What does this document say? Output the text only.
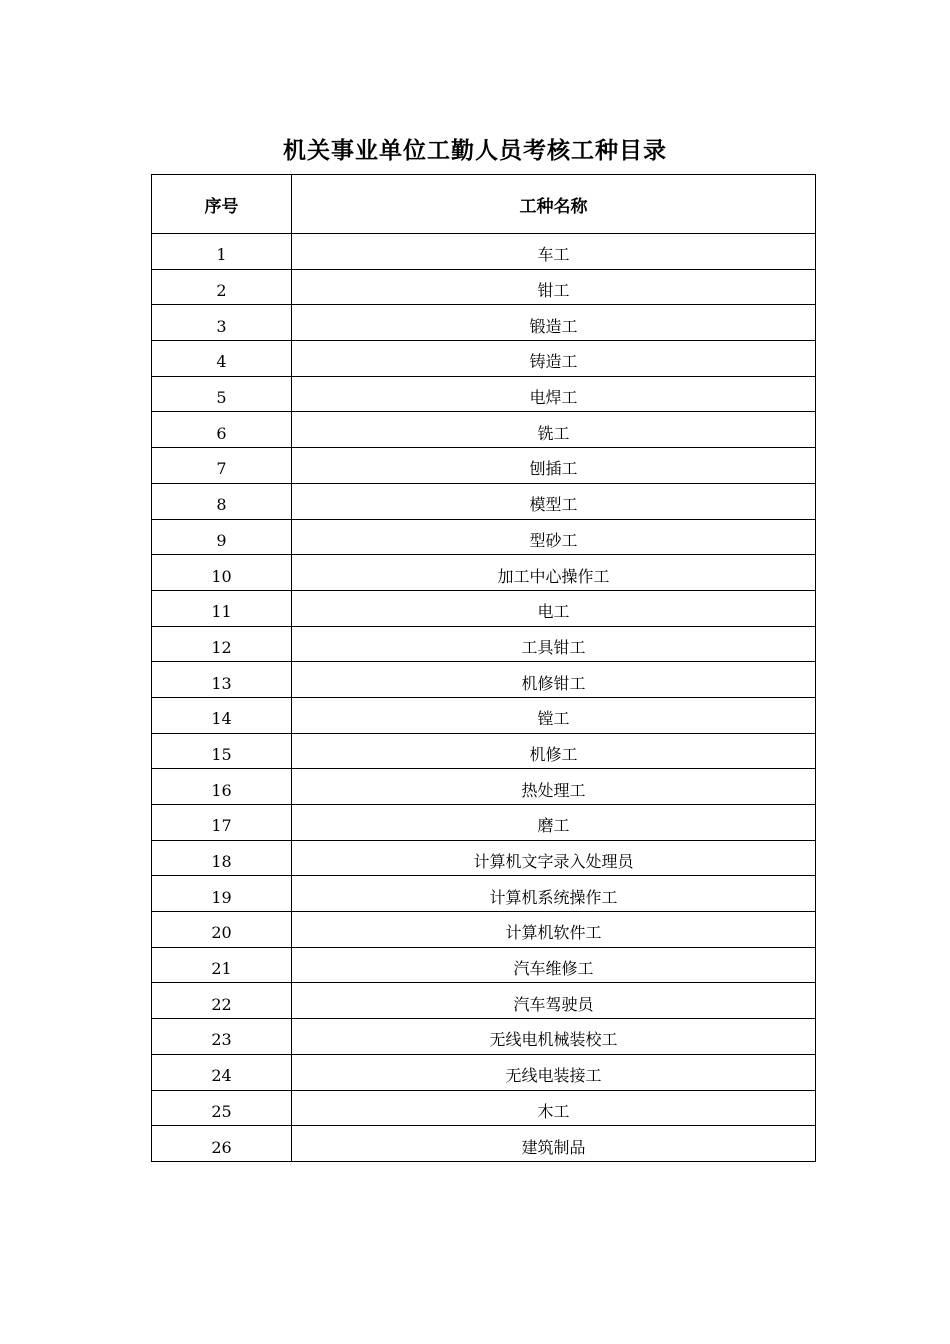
机关事业单位工勤人员考核工种目录
序号	工种名称
1	车工
2	钳工
3	锻造工
4	铸造工
5	电焊工
6	铣工
7	刨插工
8	模型工
9	型砂工
10	加工中心操作工
11	电工
12	工具钳工
13	机修钳工
14	镗工
15	机修工
16	热处理工
17	磨工
18	计算机文字录入处理员
19	计算机系统操作工
20	计算机软件工
21	汽车维修工
22	汽车驾驶员
23	无线电机械装校工
24	无线电装接工
25	木工
26	建筑制品
